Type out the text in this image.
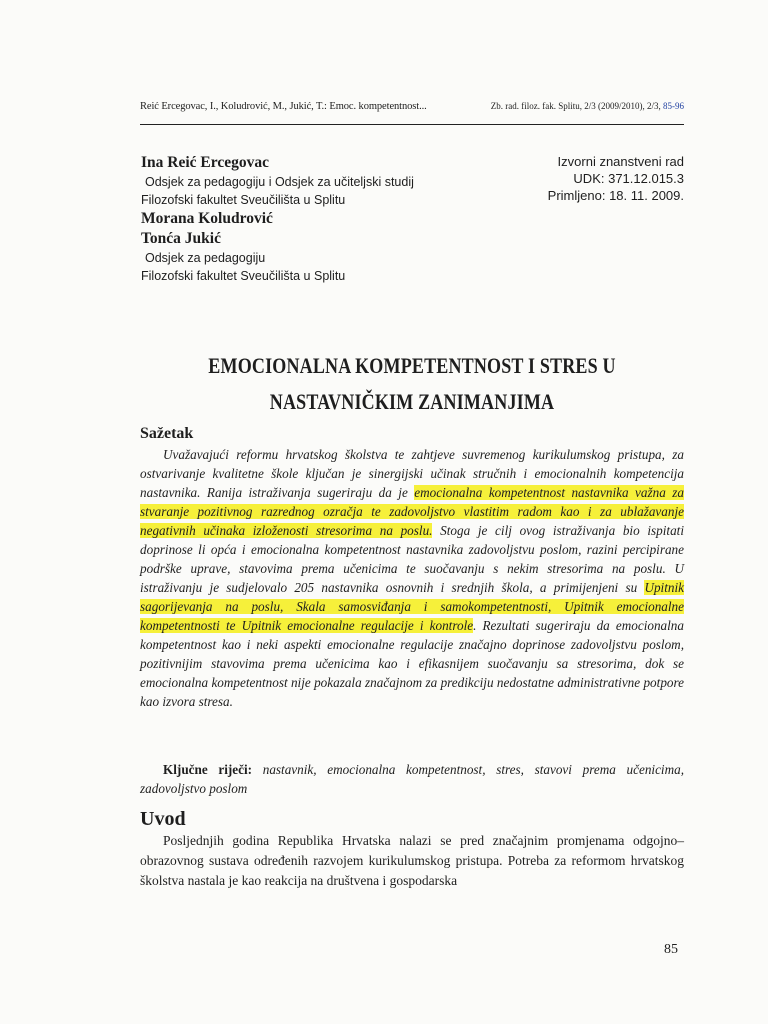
Reić Ercegovac, I., Koludrović, M., Jukić, T.: Emoc. kompetentnost...	Zb. rad. filoz. fak. Splitu, 2/3 (2009/2010), 2/3, 85-96
Ina Reić Ercegovac
Odsjek za pedagogiju i Odsjek za učiteljski studij
Filozofski fakultet Sveučilišta u Splitu
Morana Koludrović
Tonća Jukić
Odsjek za pedagogiju
Filozofski fakultet Sveučilišta u Splitu
Izvorni znanstveni rad
UDK: 371.12.015.3
Primljeno: 18. 11. 2009.
EMOCIONALNA KOMPETENTNOST I STRES U
NASTAVNIČKIM ZANIMANJIMA
Sažetak

Uvažavajući reformu hrvatskog školstva te zahtjeve suvremenog kurikulumskog pristupa, za ostvarivanje kvalitetne škole ključan je sinergijski učinak stručnih i emocionalnih kompetencija nastavnika. Ranija istraživanja sugeriraju da je emocionalna kompetentnost nastavnika važna za stvaranje pozitivnog razrednog ozračja te zadovoljstvo vlastitim radom kao i za ublažavanje negativnih učinaka izloženosti stresorima na poslu. Stoga je cilj ovog istraživanja bio ispitati doprinose li opća i emocionalna kompetentnost nastavnika zadovoljstvu poslom, razini percipirane podrške uprave, stavovima prema učenicima te suočavanju s nekim stresorima na poslu. U istraživanju je sudjelovalo 205 nastavnika osnovnih i srednjih škola, a primijenjeni su Upitnik sagorijevanja na poslu, Skala samosviđanja i samokompetentnosti, Upitnik emocionalne kompetentnosti te Upitnik emocionalne regulacije i kontrole. Rezultati sugeriraju da emocionalna kompetentnost kao i neki aspekti emocionalne regulacije značajno doprinose zadovoljstvu poslom, pozitivnijim stavovima prema učenicima kao i efikasnijem suočavanju sa stresorima, dok se emocionalna kompetentnost nije pokazala značajnom za predikciju nedostatne administrativne potpore kao izvora stresa.

Ključne riječi: nastavnik, emocionalna kompetentnost, stres, stavovi prema učenicima, zadovoljstvo poslom

Uvod

Posljednjih godina Republika Hrvatska nalazi se pred značajnim promjenama odgojno–obrazovnog sustava određenih razvojem kurikulumskog pristupa. Potreba za reformom hrvatskog školstva nastala je kao reakcija na društvena i gospodarska

85
